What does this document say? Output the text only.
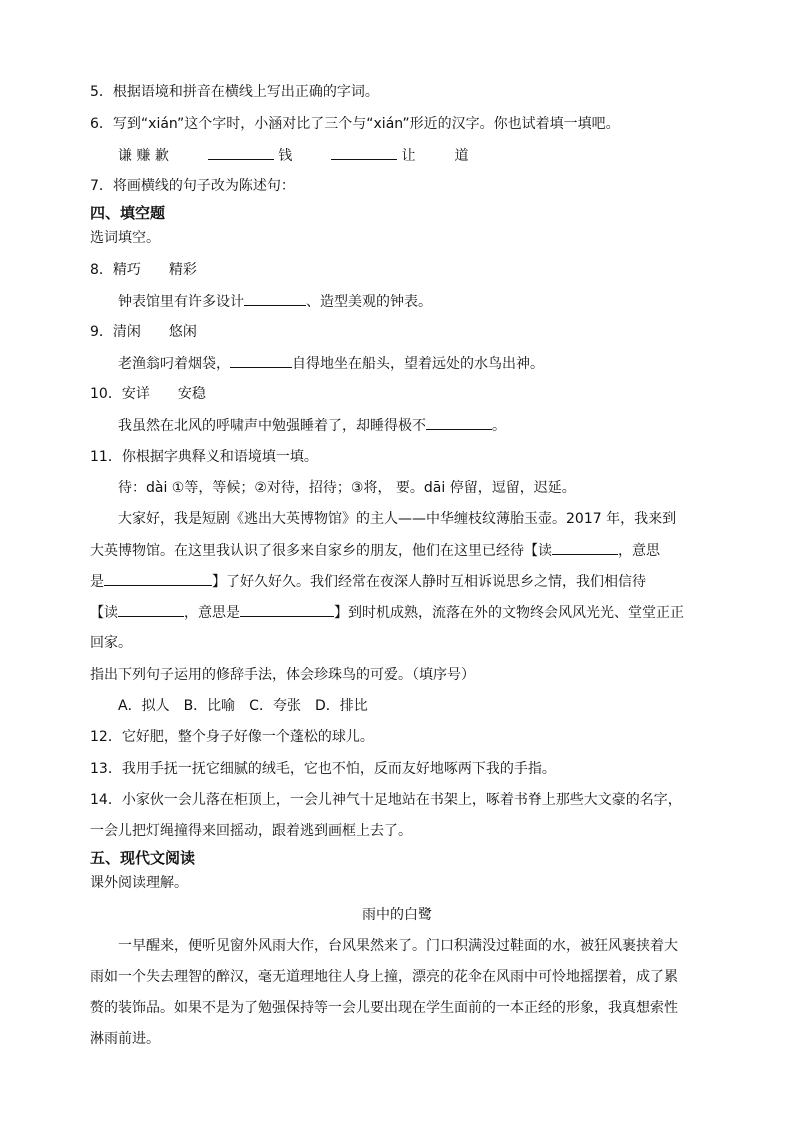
5．根据语境和拼音在横线上写出正确的字词。
6．写到“xián”这个字时，小涵对比了三个与“xián”形近的汉字。你也试着填一填吧。
谦 赚 歉	钱	让	道
7．将画横线的句子改为陈述句：
四、填空题
选词填空。
8．精巧　　精彩
钟表馆里有许多设计	、造型美观的钟表。
9．清闲　　悠闲
老渔翁叼着烟袋，	自得地坐在船头，望着远处的水鸟出神。
10．安详　　安稳
我虽然在北风的呼啸声中勉强睡着了，却睡得极不	。
11．你根据字典释义和语境填一填。
待：dài ①等，等候；②对待，招待；③将， 要。dāi 停留，逗留，迟延。
大家好，我是短剧《逃出大英博物馆》的主人——中华缠枝纹薄胎玉壶。2017 年，我来到
大英博物馆。在这里我认识了很多来自家乡的朋友，他们在这里已经待【读	，意思
是	】了好久好久。我们经常在夜深人静时互相诉说思乡之情，我们相信待
【读	，意思是	】到时机成熟，流落在外的文物终会风风光光、堂堂正正
回家。
指出下列句子运用的修辞手法，体会珍珠鸟的可爱。（填序号）
A．拟人　B．比喻　C．夸张　D．排比
12．它好肥，整个身子好像一个蓬松的球儿。
13．我用手抚一抚它细腻的绒毛，它也不怕，反而友好地啄两下我的手指。
14．小家伙一会儿落在柜顶上，一会儿神气十足地站在书架上，啄着书脊上那些大文豪的名字，
一会儿把灯绳撞得来回摇动，跟着逃到画框上去了。
五、现代文阅读
课外阅读理解。
雨中的白鹭
一早醒来，便听见窗外风雨大作，台风果然来了。门口积满没过鞋面的水，被狂风裹挟着大
雨如一个失去理智的醉汉，毫无道理地往人身上撞，漂亮的花伞在风雨中可怜地摇摆着，成了累
赘的装饰品。如果不是为了勉强保持等一会儿要出现在学生面前的一本正经的形象，我真想索性
淋雨前进。
